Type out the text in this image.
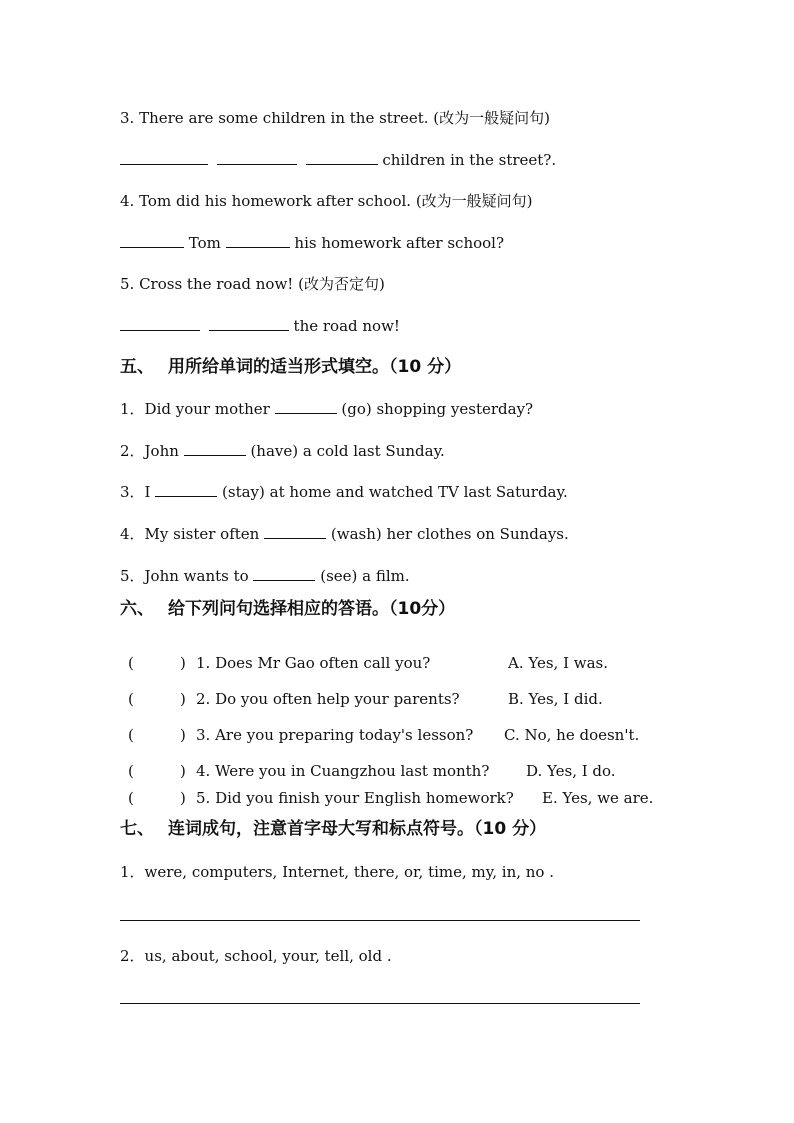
3. There are some children in the street. (改为一般疑问句)
children in the street?.
4. Tom did his homework after school. (改为一般疑问句)
Tom	his homework after school?
5. Cross the road now! (改为否定句)
the road now!
五、 用所给单词的适当形式填空。（10 分）
1．Did your mother	(go) shopping yesterday?
2．John	(have) a cold last Sunday.
3．I	(stay) at home and watched TV last Saturday.
4．My sister often	(wash) her clothes on Sundays.
5．John wants to	(see) a film.
六、 给下列问句选择相应的答语。（10分）
(	) 1. Does Mr Gao often call you?	A. Yes, I was.
(	) 2. Do you often help your parents?	B. Yes, I did.
(	) 3. Are you preparing today's lesson? C. No, he doesn't.
(	) 4. Were you in Cuangzhou last month? D. Yes, I do.
(	) 5. Did you finish your English homework? E. Yes, we are.
七、 连词成句，注意首字母大写和标点符号。（10 分）
1．were, computers, Internet, there, or, time, my, in, no .
2．us, about, school, your, tell, old .
